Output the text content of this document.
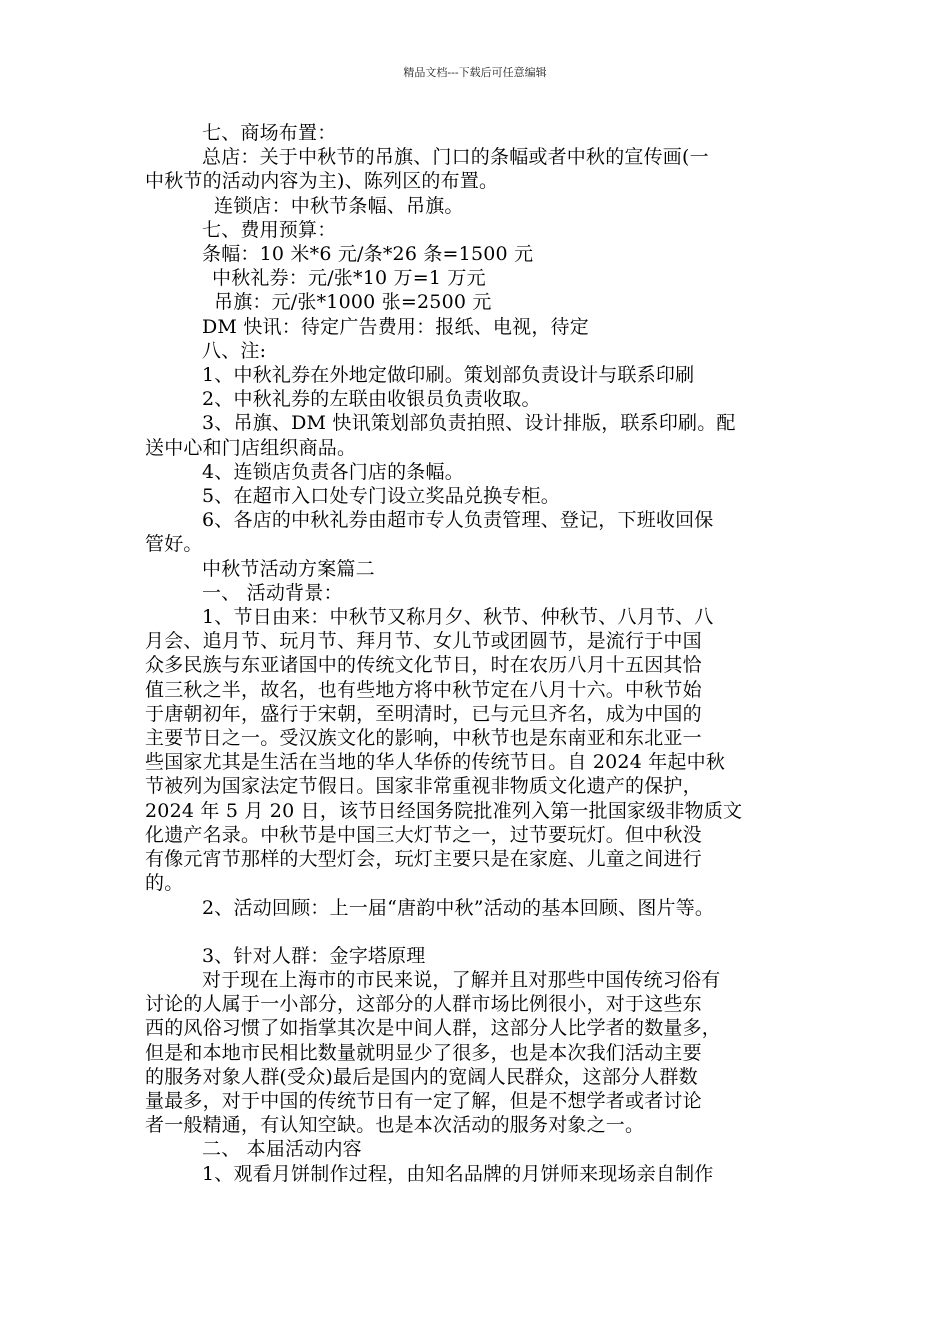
精品文档---下载后可任意编辑

七、商场布置：

总店：关于中秋节的吊旗、门口的条幅或者中秋的宣传画(一

中秋节的活动内容为主)、陈列区的布置。

连锁店：中秋节条幅、吊旗。

七、费用预算：

条幅：10 米*6 元/条*26 条=1500 元

中秋礼券：元/张*10 万=1 万元

吊旗：元/张*1000 张=2500 元

DM 快讯：待定广告费用：报纸、电视，待定

八、注:

1、中秋礼券在外地定做印刷。策划部负责设计与联系印刷

2、中秋礼券的左联由收银员负责收取。

3、吊旗、DM 快讯策划部负责拍照、设计排版，联系印刷。配

送中心和门店组织商品。

4、连锁店负责各门店的条幅。

5、在超市入口处专门设立奖品兑换专柜。

6、各店的中秋礼券由超市专人负责管理、登记，下班收回保

管好。

中秋节活动方案篇二

一、 活动背景：

1、节日由来：中秋节又称月夕、秋节、仲秋节、八月节、八

月会、追月节、玩月节、拜月节、女儿节或团圆节，是流行于中国

众多民族与东亚诸国中的传统文化节日，时在农历八月十五因其恰

值三秋之半，故名，也有些地方将中秋节定在八月十六。中秋节始

于唐朝初年，盛行于宋朝，至明清时，已与元旦齐名，成为中国的

主要节日之一。受汉族文化的影响，中秋节也是东南亚和东北亚一

些国家尤其是生活在当地的华人华侨的传统节日。自 2024 年起中秋

节被列为国家法定节假日。国家非常重视非物质文化遗产的保护，

2024 年 5 月 20 日，该节日经国务院批准列入第一批国家级非物质文

化遗产名录。中秋节是中国三大灯节之一，过节要玩灯。但中秋没

有像元宵节那样的大型灯会，玩灯主要只是在家庭、儿童之间进行

的。

2、活动回顾：上一届“唐韵中秋”活动的基本回顾、图片等。

3、针对人群：金字塔原理

对于现在上海市的市民来说，了解并且对那些中国传统习俗有

讨论的人属于一小部分，这部分的人群市场比例很小，对于这些东

西的风俗习惯了如指掌其次是中间人群，这部分人比学者的数量多，

但是和本地市民相比数量就明显少了很多，也是本次我们活动主要

的服务对象人群(受众)最后是国内的宽阔人民群众，这部分人群数

量最多，对于中国的传统节日有一定了解，但是不想学者或者讨论

者一般精通，有认知空缺。也是本次活动的服务对象之一。

二、 本届活动内容

1、观看月饼制作过程，由知名品牌的月饼师来现场亲自制作
